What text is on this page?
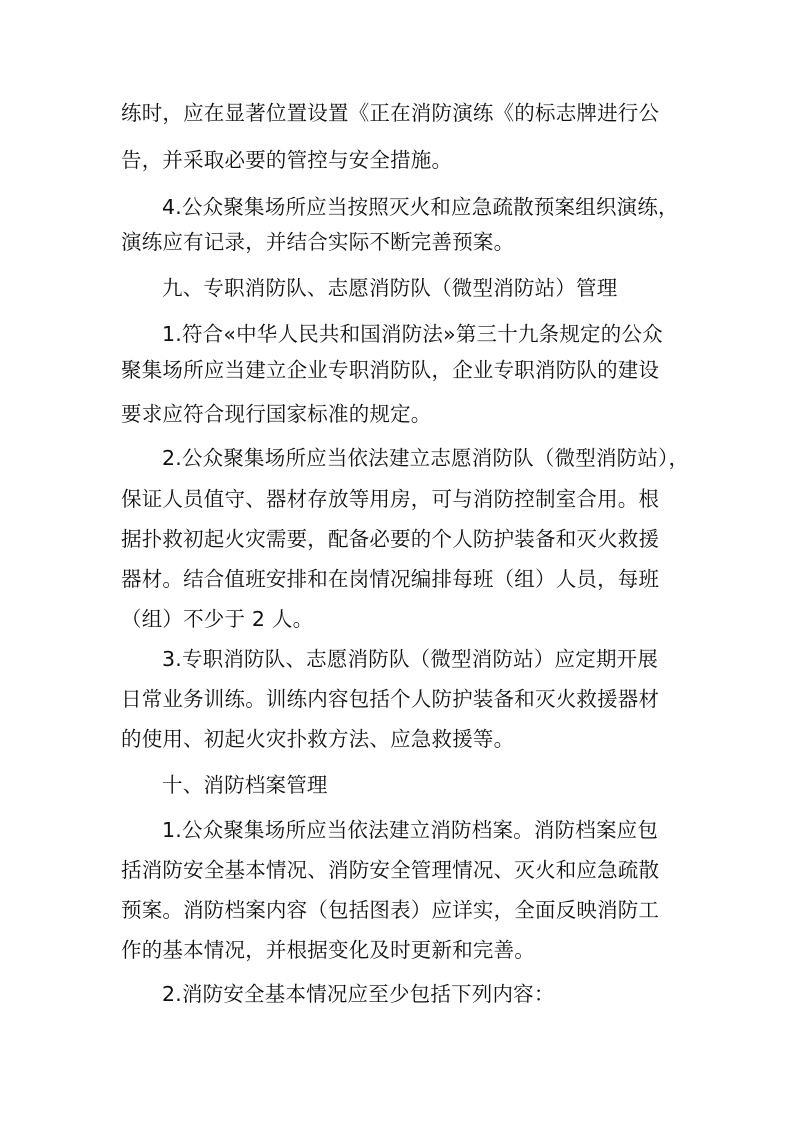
练时，应在显著位置设置《正在消防演练《的标志牌进行公
告，并采取必要的管控与安全措施。
4.公众聚集场所应当按照灭火和应急疏散预案组织演练，
演练应有记录，并结合实际不断完善预案。
九、专职消防队、志愿消防队（微型消防站）管理
1.符合«中华人民共和国消防法»第三十九条规定的公众
聚集场所应当建立企业专职消防队，企业专职消防队的建设
要求应符合现行国家标准的规定。
2.公众聚集场所应当依法建立志愿消防队（微型消防站），
保证人员值守、器材存放等用房，可与消防控制室合用。根
据扑救初起火灾需要，配备必要的个人防护装备和灭火救援
器材。结合值班安排和在岗情况编排每班（组）人员，每班
（组）不少于 2 人。
3.专职消防队、志愿消防队（微型消防站）应定期开展
日常业务训练。训练内容包括个人防护装备和灭火救援器材
的使用、初起火灾扑救方法、应急救援等。
十、消防档案管理
1.公众聚集场所应当依法建立消防档案。消防档案应包
括消防安全基本情况、消防安全管理情况、灭火和应急疏散
预案。消防档案内容（包括图表）应详实，全面反映消防工
作的基本情况，并根据变化及时更新和完善。
2.消防安全基本情况应至少包括下列内容：
